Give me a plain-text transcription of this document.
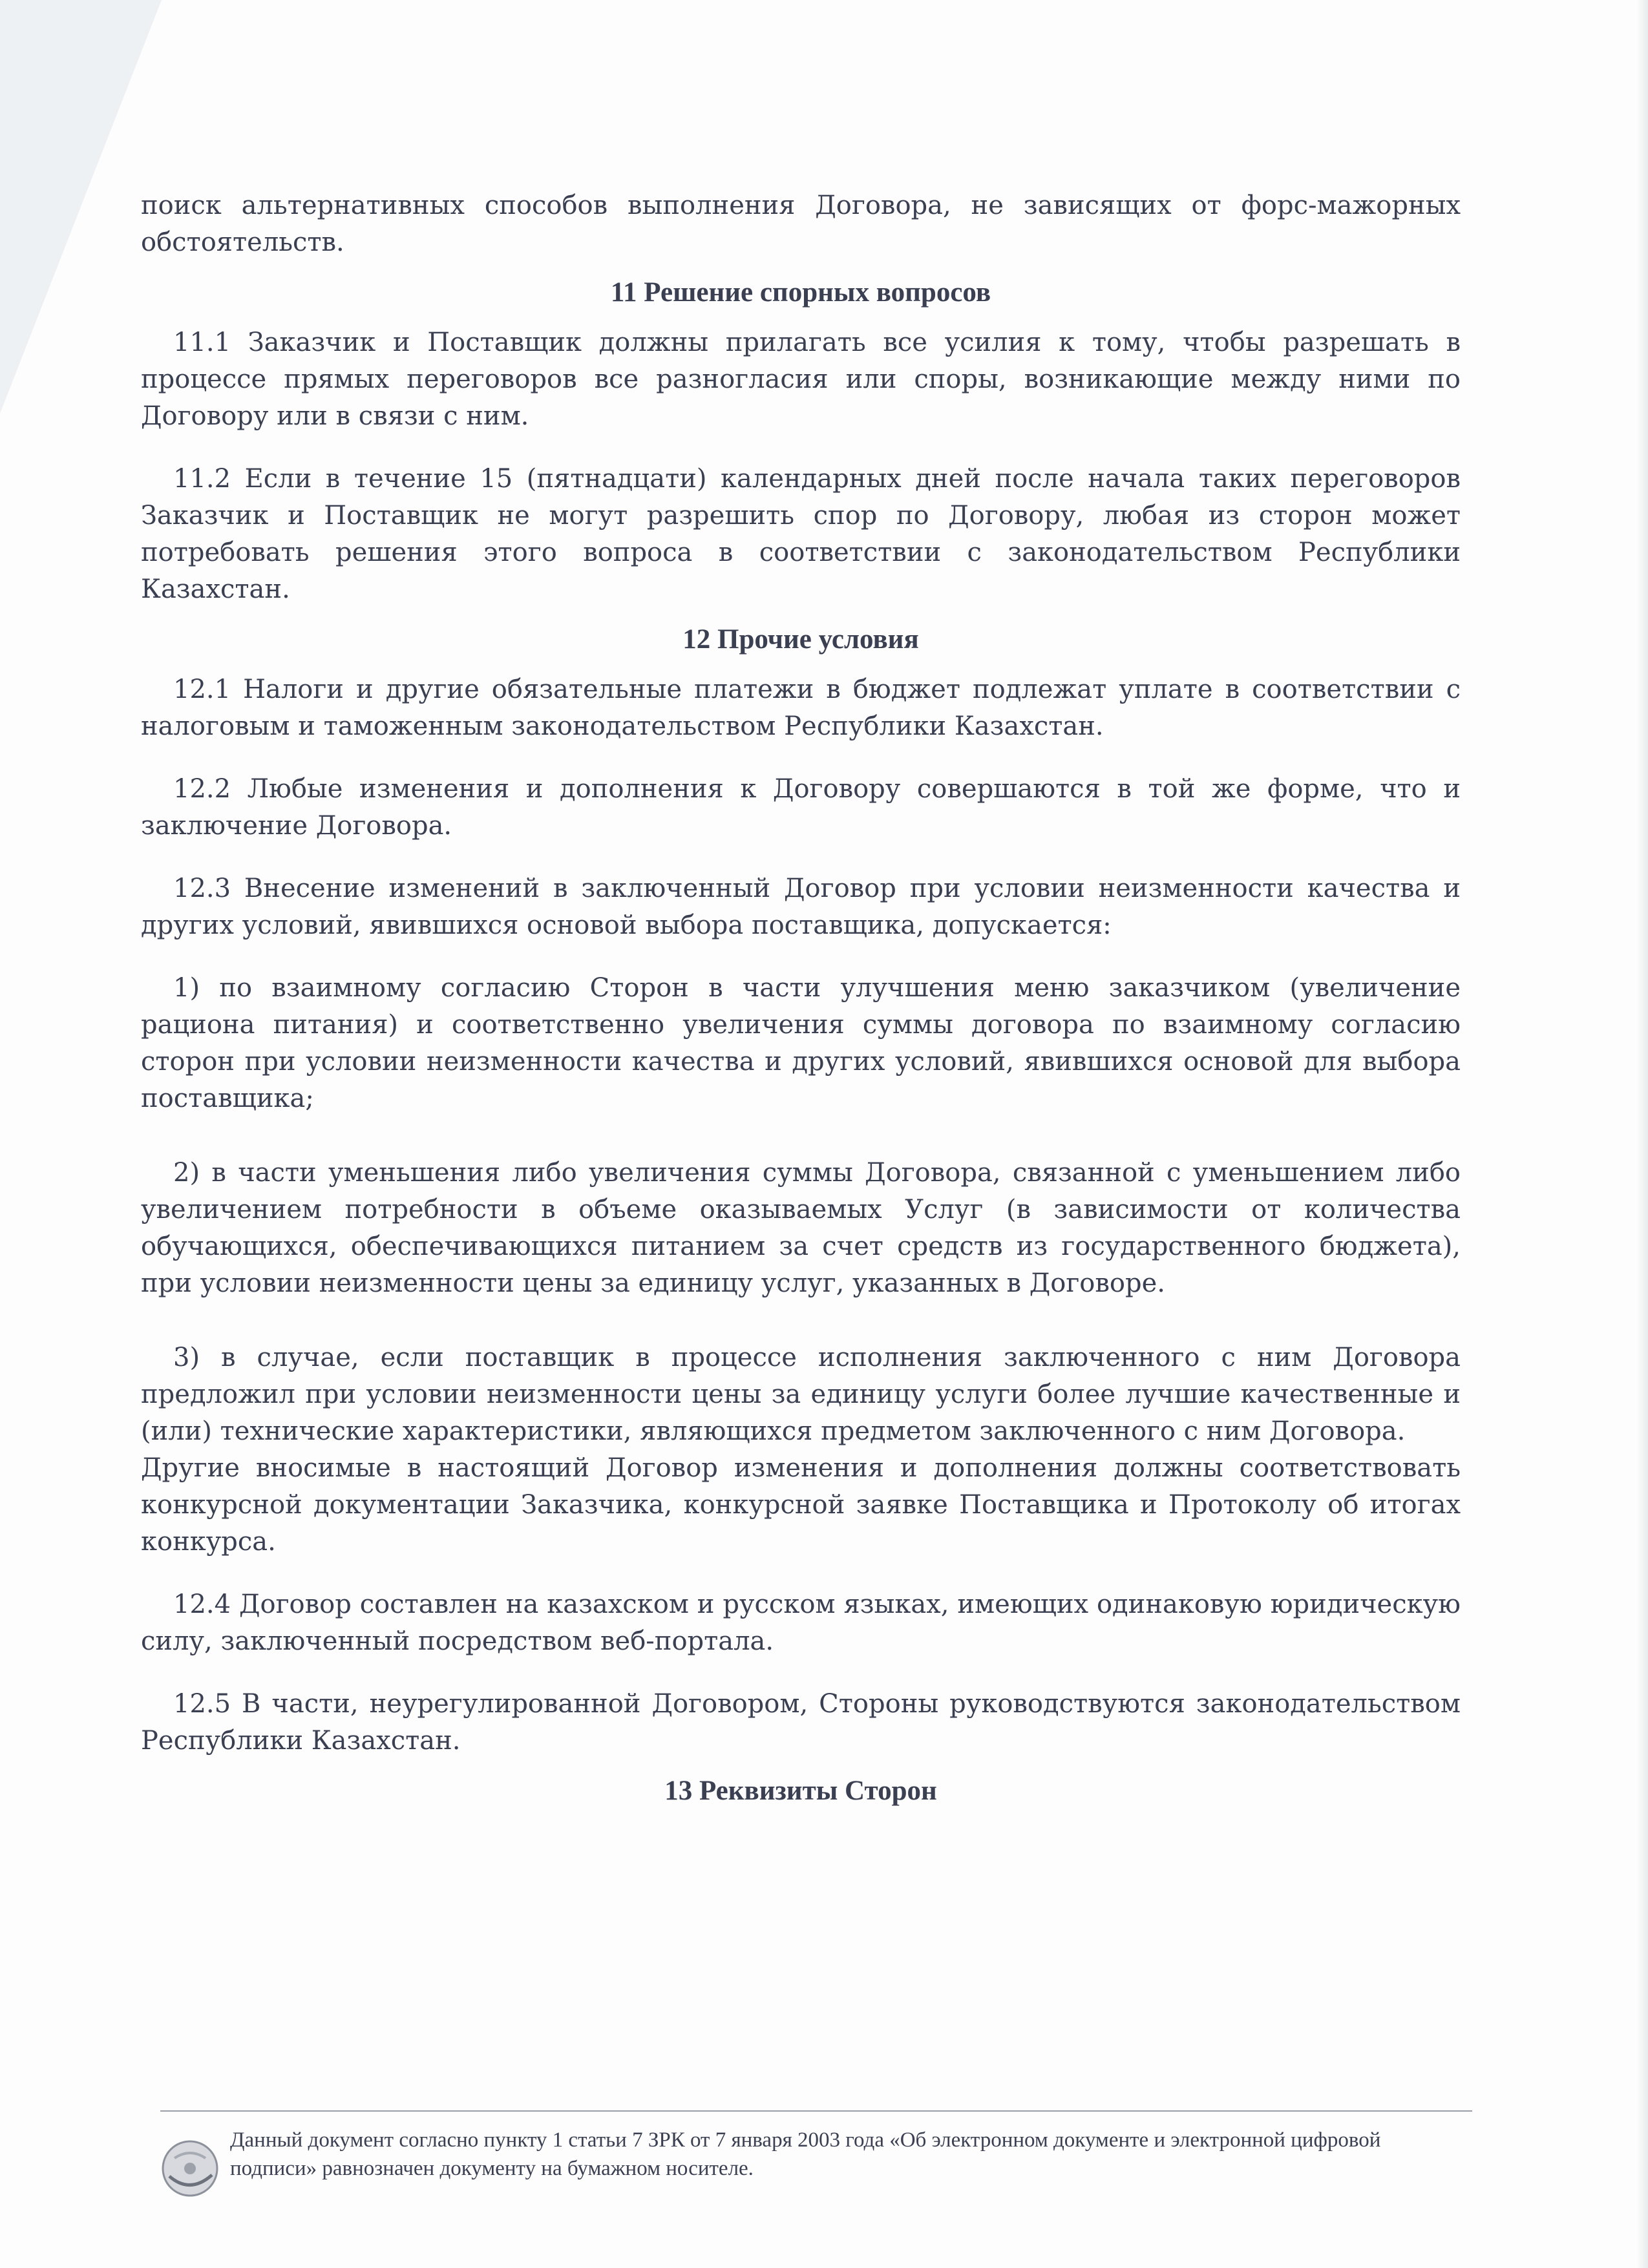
поиск альтернативных способов выполнения Договора, не зависящих от форс-мажорных обстоятельств.

11 Решение спорных вопросов

11.1 Заказчик и Поставщик должны прилагать все усилия к тому, чтобы разрешать в процессе прямых переговоров все разногласия или споры, возникающие между ними по Договору или в связи с ним.

11.2 Если в течение 15 (пятнадцати) календарных дней после начала таких переговоров Заказчик и Поставщик не могут разрешить спор по Договору, любая из сторон может потребовать решения этого вопроса в соответствии с законодательством Республики Казахстан.

12 Прочие условия

12.1 Налоги и другие обязательные платежи в бюджет подлежат уплате в соответствии с налоговым и таможенным законодательством Республики Казахстан.

12.2 Любые изменения и дополнения к Договору совершаются в той же форме, что и заключение Договора.

12.3 Внесение изменений в заключенный Договор при условии неизменности качества и других условий, явившихся основой выбора поставщика, допускается:

1) по взаимному согласию Сторон в части улучшения меню заказчиком (увеличение рациона питания) и соответственно увеличения суммы договора по взаимному согласию сторон при условии неизменности качества и других условий, явившихся основой для выбора поставщика;

2) в части уменьшения либо увеличения суммы Договора, связанной с уменьшением либо увеличением потребности в объеме оказываемых Услуг (в зависимости от количества обучающихся, обеспечивающихся питанием за счет средств из государственного бюджета), при условии неизменности цены за единицу услуг, указанных в Договоре.

3) в случае, если поставщик в процессе исполнения заключенного с ним Договора предложил при условии неизменности цены за единицу услуги более лучшие качественные и (или) технические характеристики, являющихся предметом заключенного с ним Договора.

Другие вносимые в настоящий Договор изменения и дополнения должны соответствовать конкурсной документации Заказчика, конкурсной заявке Поставщика и Протоколу об итогах конкурса.

12.4 Договор составлен на казахском и русском языках, имеющих одинаковую юридическую силу, заключенный посредством веб-портала.

12.5 В части, неурегулированной Договором, Стороны руководствуются законодательством Республики Казахстан.

13 Реквизиты Сторон

Данный документ согласно пункту 1 статьи 7 ЗРК от 7 января 2003 года «Об электронном документе и электронной цифровой подписи» равнозначен документу на бумажном носителе.
